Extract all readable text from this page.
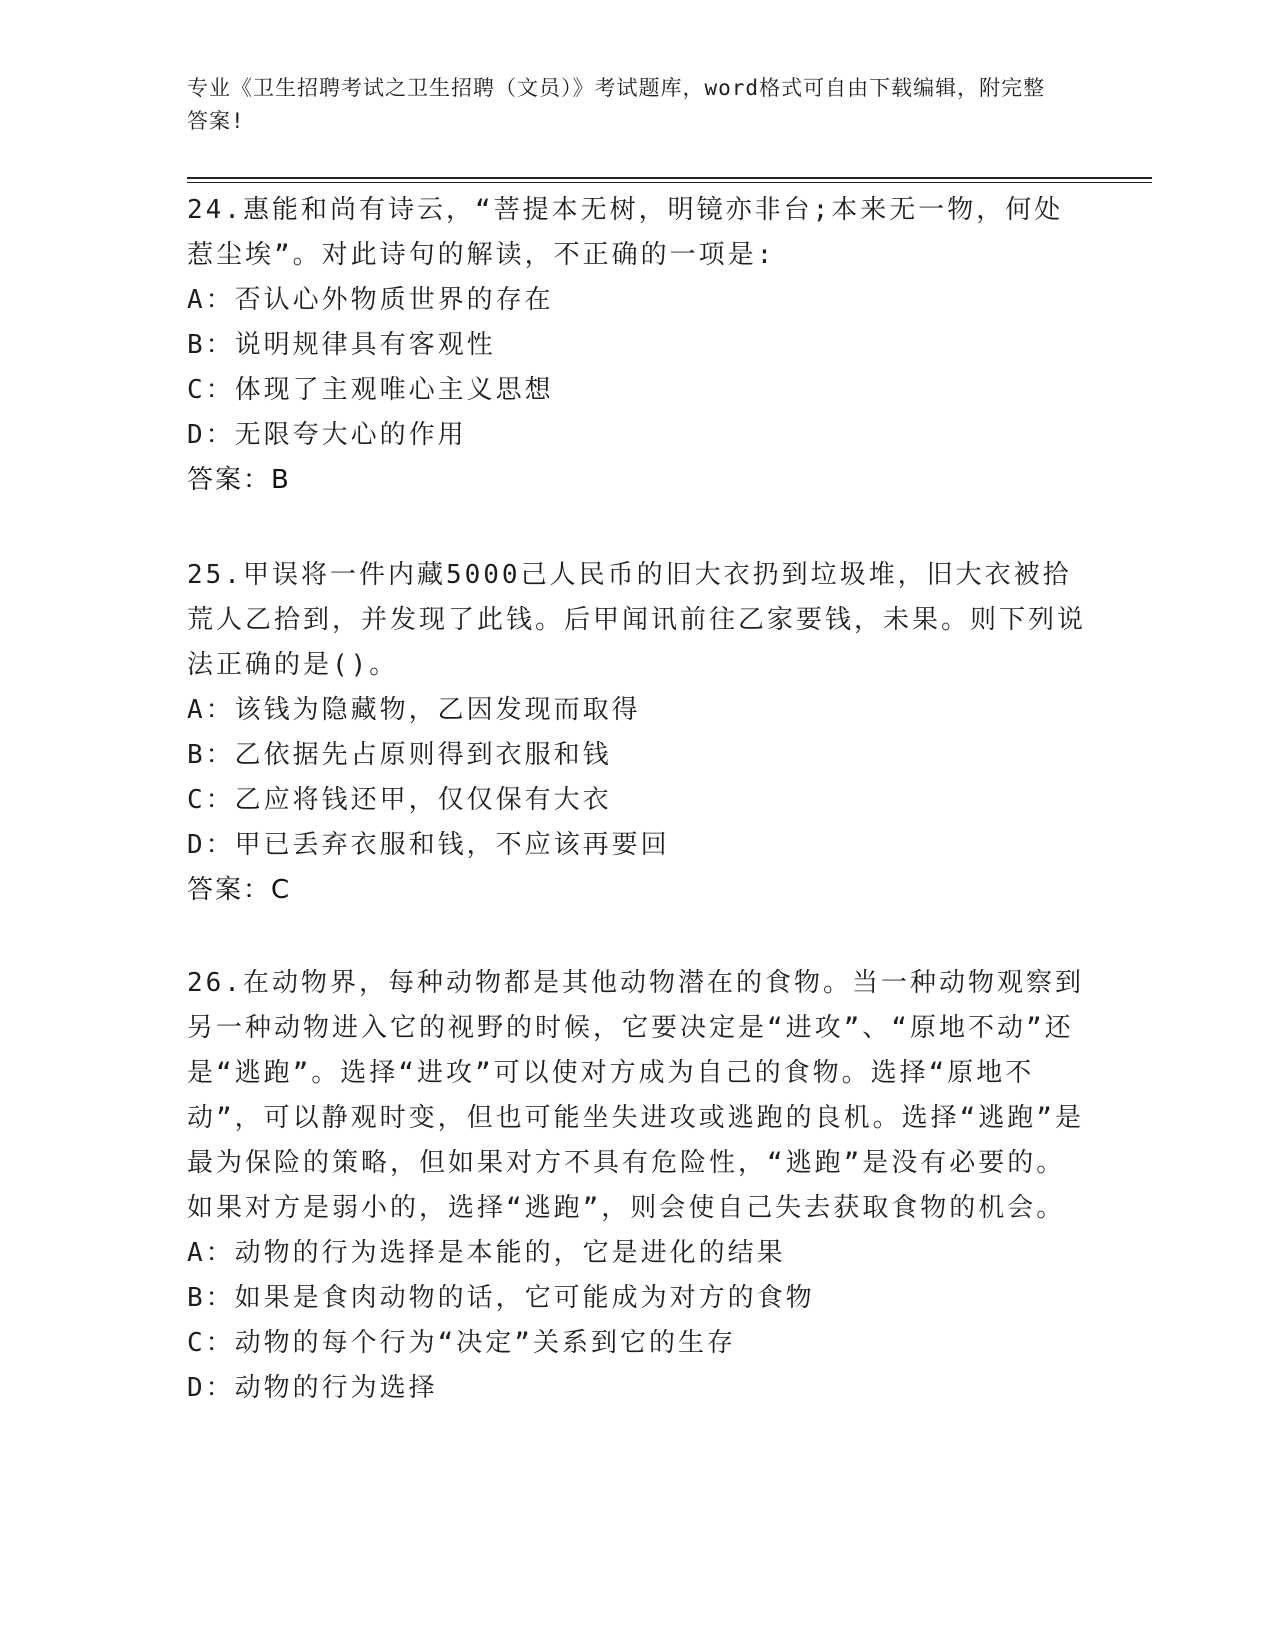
专业《卫生招聘考试之卫生招聘（文员）》考试题库，word格式可自由下载编辑，附完整答案!
24.惠能和尚有诗云，“菩提本无树，明镜亦非台;本来无一物，何处惹尘埃”。对此诗句的解读，不正确的一项是:
A：否认心外物质世界的存在
B：说明规律具有客观性
C：体现了主观唯心主义思想
D：无限夸大心的作用
答案：B
25.甲误将一件内藏5000己人民币的旧大衣扔到垃圾堆，旧大衣被拾荒人乙拾到，并发现了此钱。后甲闻讯前往乙家要钱，未果。则下列说法正确的是()。
A：该钱为隐藏物，乙因发现而取得
B：乙依据先占原则得到衣服和钱
C：乙应将钱还甲，仅仅保有大衣
D：甲已丢弃衣服和钱，不应该再要回
答案：C
26.在动物界，每种动物都是其他动物潜在的食物。当一种动物观察到另一种动物进入它的视野的时候，它要决定是“进攻”、“原地不动”还是“逃跑”。选择“进攻”可以使对方成为自己的食物。选择“原地不动”，可以静观时变，但也可能坐失进攻或逃跑的良机。选择“逃跑”是最为保险的策略，但如果对方不具有危险性，“逃跑”是没有必要的。如果对方是弱小的，选择“逃跑”，则会使自己失去获取食物的机会。
A：动物的行为选择是本能的，它是进化的结果
B：如果是食肉动物的话，它可能成为对方的食物
C：动物的每个行为“决定”关系到它的生存
D：动物的行为选择
